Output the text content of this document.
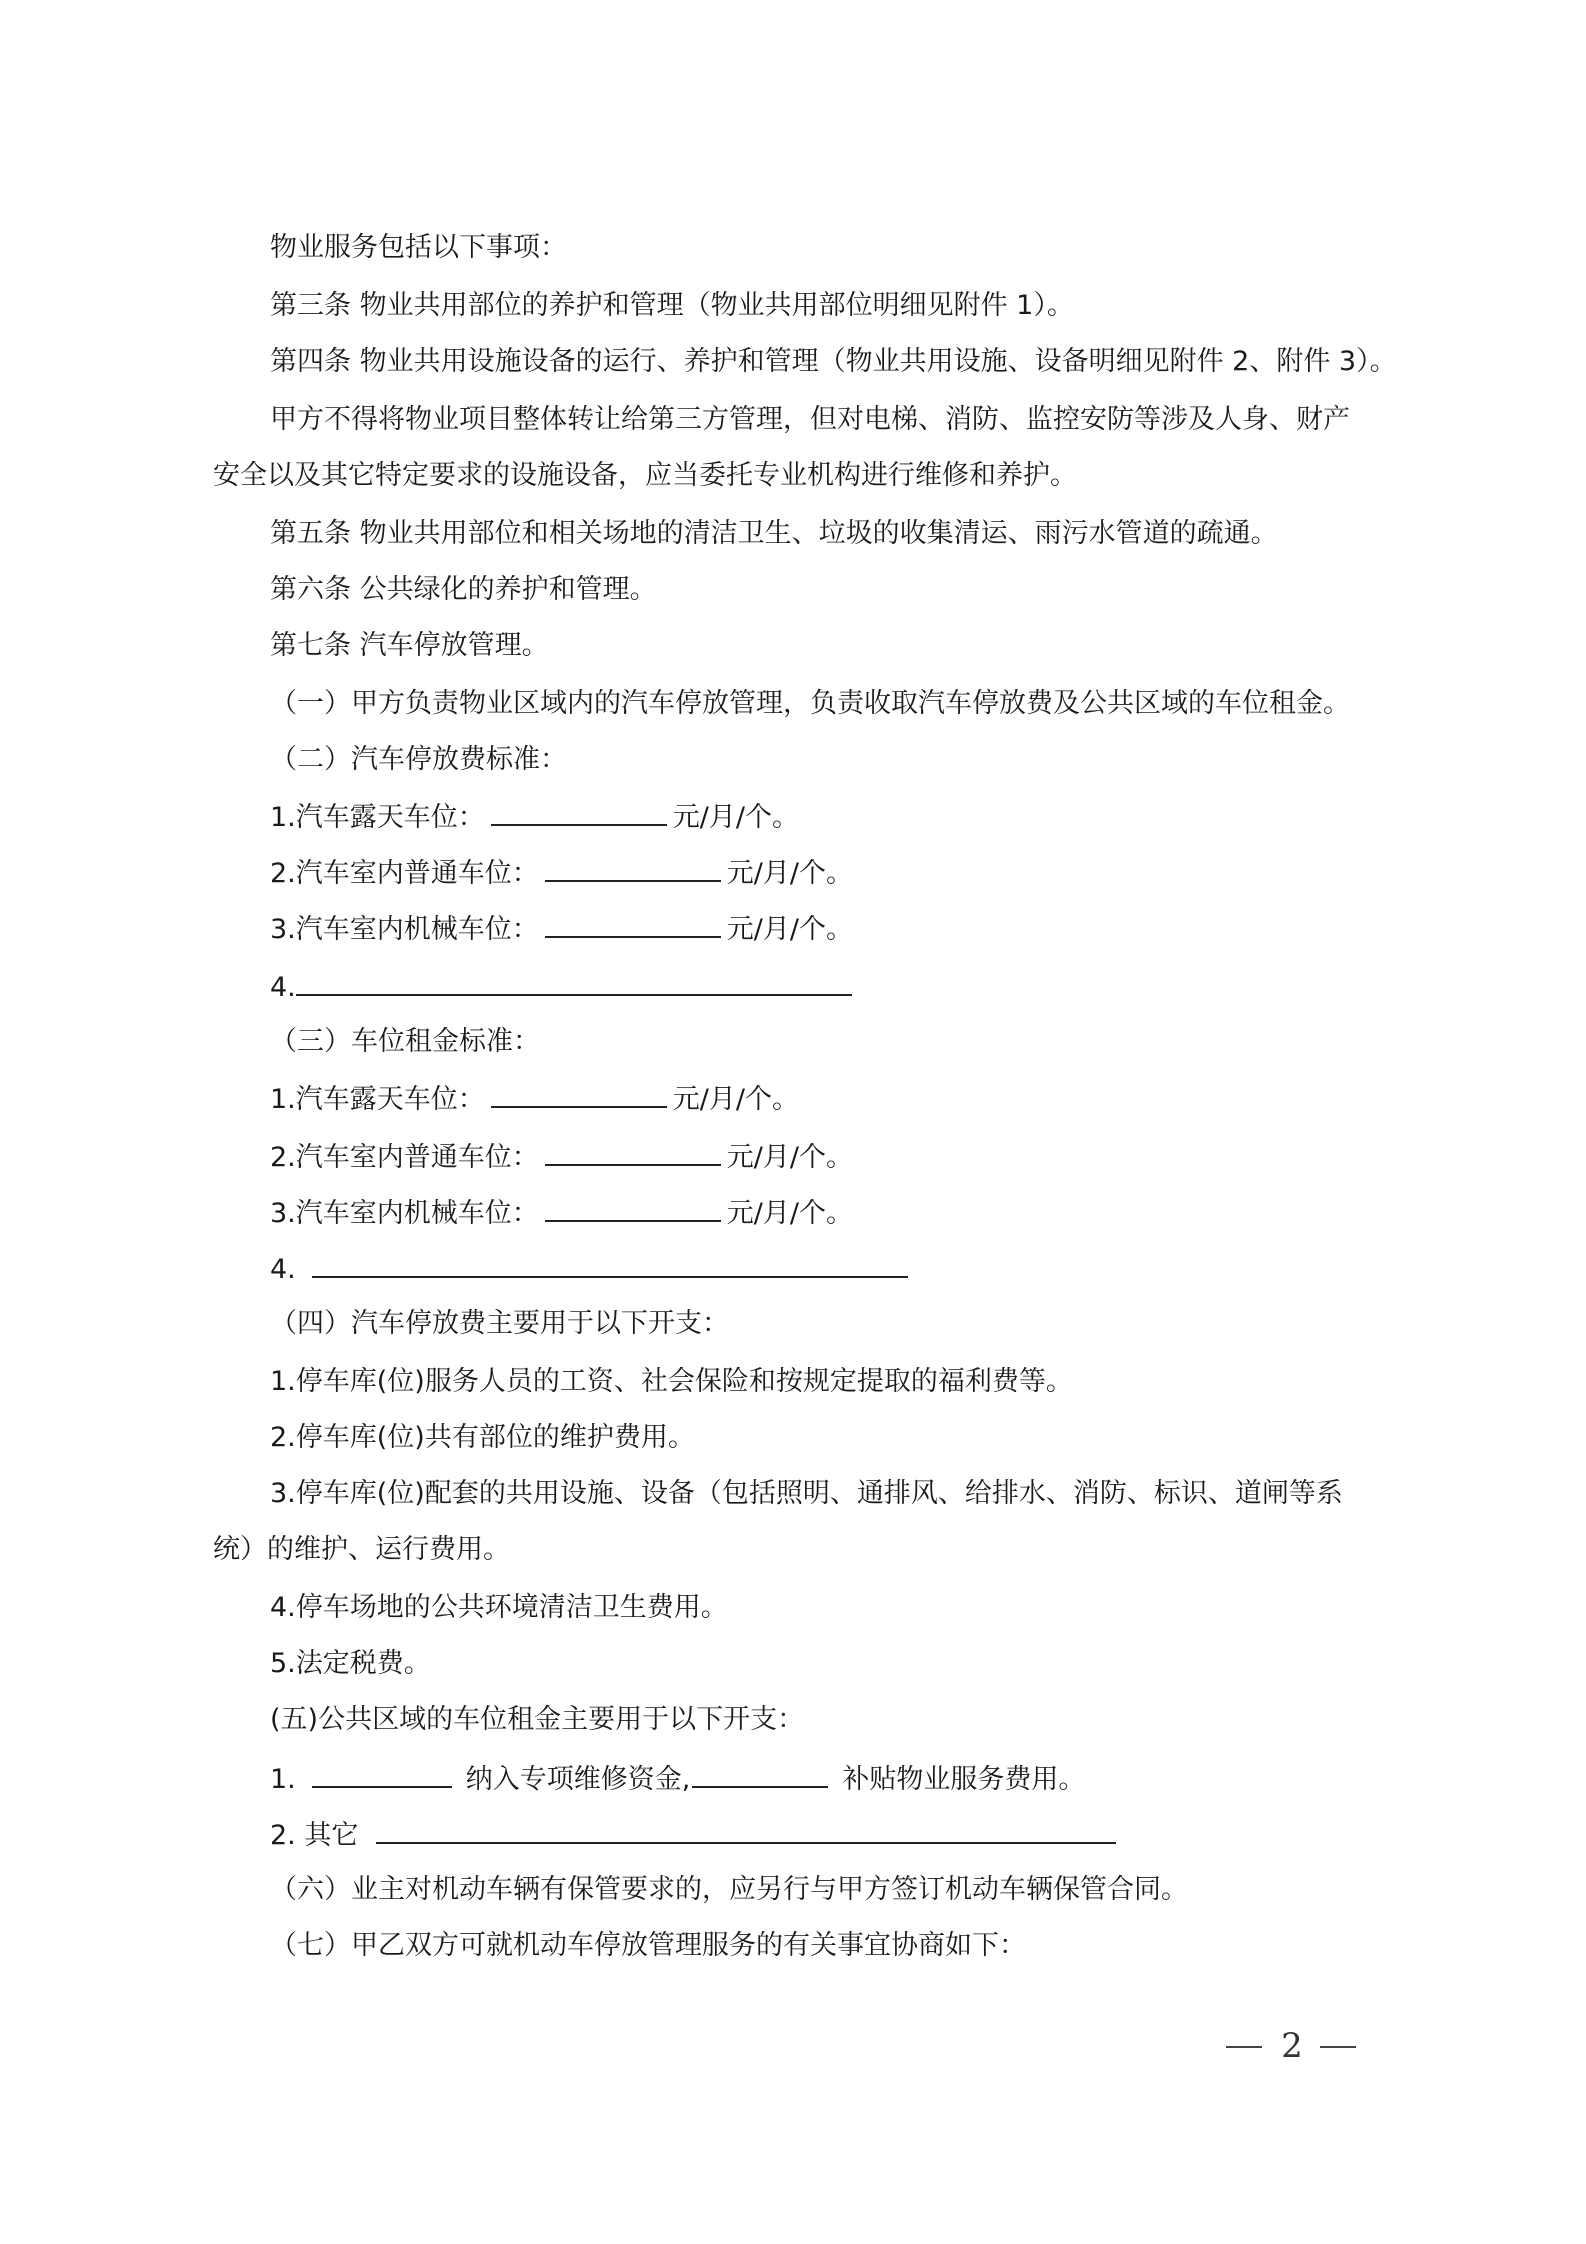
物业服务包括以下事项：
第三条 物业共用部位的养护和管理（物业共用部位明细见附件 1）。
第四条 物业共用设施设备的运行、养护和管理（物业共用设施、设备明细见附件 2、附件 3）。
甲方不得将物业项目整体转让给第三方管理，但对电梯、消防、监控安防等涉及人身、财产
安全以及其它特定要求的设施设备，应当委托专业机构进行维修和养护。
第五条 物业共用部位和相关场地的清洁卫生、垃圾的收集清运、雨污水管道的疏通。
第六条 公共绿化的养护和管理。
第七条 汽车停放管理。
（一）甲方负责物业区域内的汽车停放管理，负责收取汽车停放费及公共区域的车位租金。
（二）汽车停放费标准：
1.汽车露天车位：	元/月/个。
2.汽车室内普通车位：	元/月/个。
3.汽车室内机械车位：	元/月/个。
4.
（三）车位租金标准：
1.汽车露天车位：	元/月/个。
2.汽车室内普通车位：	元/月/个。
3.汽车室内机械车位：	元/月/个。
4.
（四）汽车停放费主要用于以下开支：
1.停车库(位)服务人员的工资、社会保险和按规定提取的福利费等。
2.停车库(位)共有部位的维护费用。
3.停车库(位)配套的共用设施、设备（包括照明、通排风、给排水、消防、标识、道闸等系
统）的维护、运行费用。
4.停车场地的公共环境清洁卫生费用。
5.法定税费。
(五)公共区域的车位租金主要用于以下开支：
1.	纳入专项维修资金,	补贴物业服务费用。
2. 其它
（六）业主对机动车辆有保管要求的，应另行与甲方签订机动车辆保管合同。
（七）甲乙双方可就机动车停放管理服务的有关事宜协商如下：
2
